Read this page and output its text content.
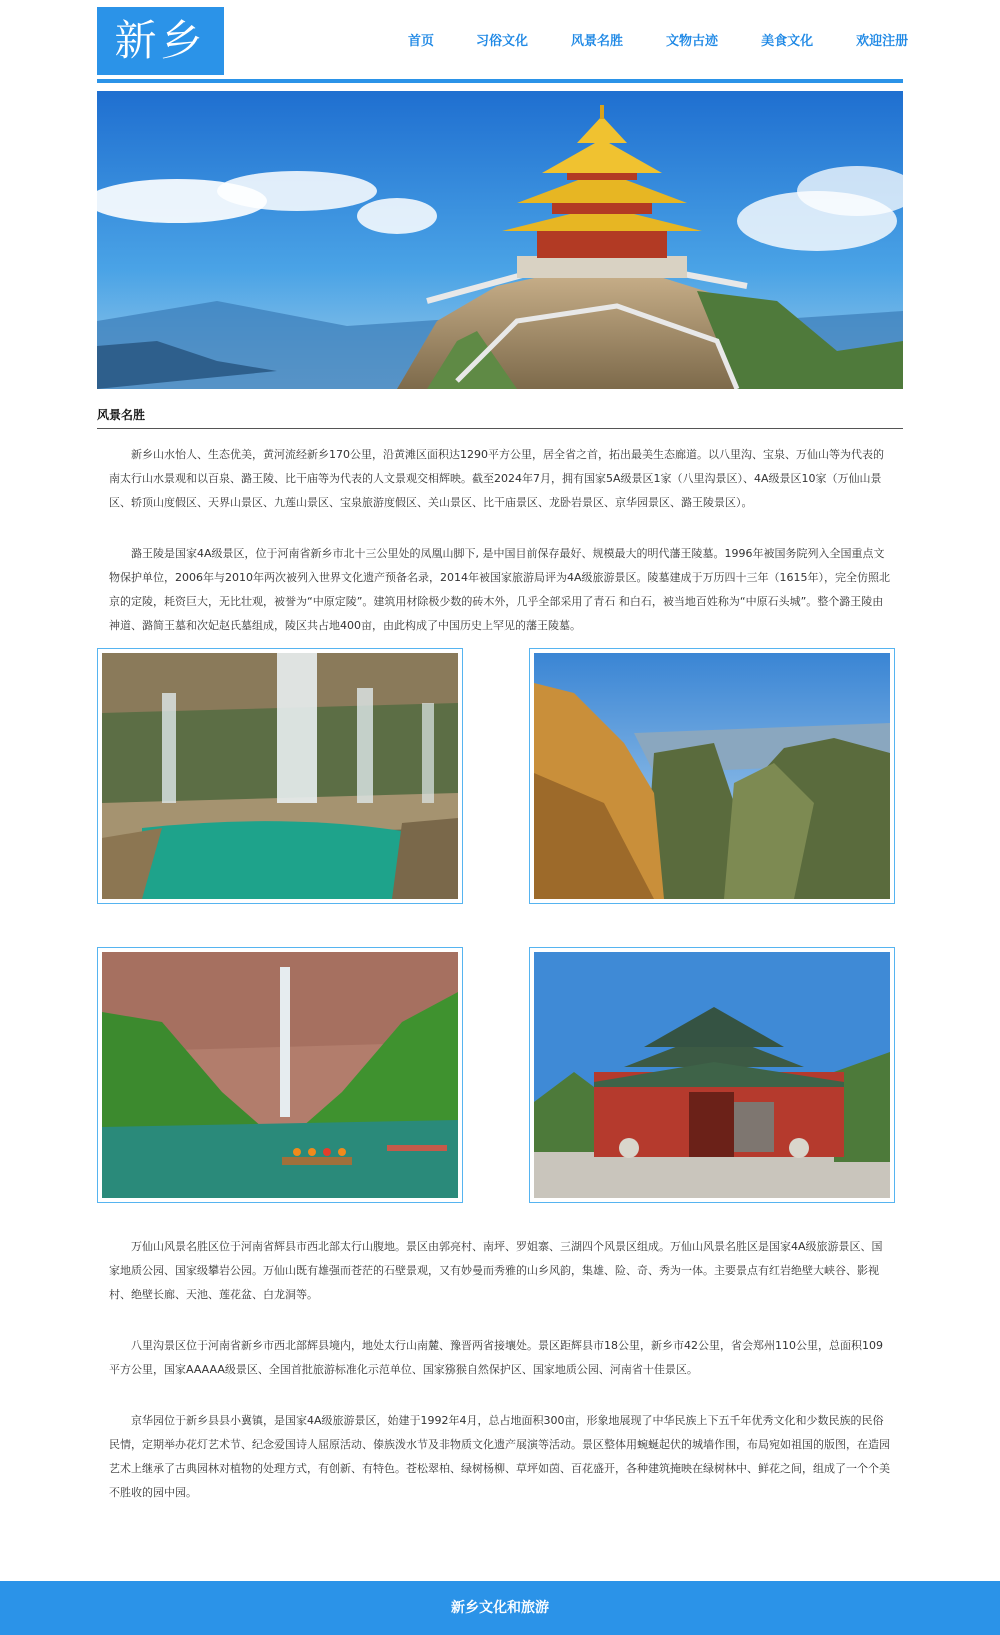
新乡	首页	习俗文化	风景名胜	文物古迹	美食文化	欢迎注册
风景名胜

新乡山水怡人、生态优美，黄河流经新乡170公里，沿黄滩区面积达1290平方公里，居全省之首，拓出最美生态廊道。以八里沟、宝泉、万仙山等为代表的南太行山水景观和以百泉、潞王陵、比干庙等为代表的人文景观交相辉映。截至2024年7月，拥有国家5A级景区1家（八里沟景区）、4A级景区10家（万仙山景区、轿顶山度假区、天界山景区、九莲山景区、宝泉旅游度假区、关山景区、比干庙景区、龙卧岩景区、京华园景区、潞王陵景区）。

潞王陵是国家4A级景区，位于河南省新乡市北十三公里处的凤凰山脚下, 是中国目前保存最好、规模最大的明代藩王陵墓。1996年被国务院列入全国重点文物保护单位，2006年与2010年两次被列入世界文化遗产预备名录，2014年被国家旅游局评为4A级旅游景区。陵墓建成于万历四十三年（1615年），完全仿照北京的定陵，耗资巨大，无比壮观，被誉为“中原定陵”。建筑用材除极少数的砖木外，几乎全部采用了青石 和白石，被当地百姓称为“中原石头城”。整个潞王陵由神道、潞简王墓和次妃赵氏墓组成，陵区共占地400亩，由此构成了中国历史上罕见的藩王陵墓。

万仙山风景名胜区位于河南省辉县市西北部太行山腹地。景区由郭亮村、南坪、罗姐寨、三湖四个风景区组成。万仙山风景名胜区是国家4A级旅游景区、国家地质公园、国家级攀岩公园。万仙山既有雄强而苍茫的石壁景观，又有妙曼而秀雅的山乡风韵，集雄、险、奇、秀为一体。主要景点有红岩绝壁大峡谷、影视村、绝壁长廊、天池、莲花盆、白龙洞等。

八里沟景区位于河南省新乡市西北部辉县境内，地处太行山南麓、豫晋两省接壤处。景区距辉县市18公里，新乡市42公里，省会郑州110公里，总面积109平方公里，国家AAAAA级景区、全国首批旅游标准化示范单位、国家猕猴自然保护区、国家地质公园、河南省十佳景区。

京华园位于新乡县县小冀镇，是国家4A级旅游景区，始建于1992年4月，总占地面积300亩，形象地展现了中华民族上下五千年优秀文化和少数民族的民俗民情，定期举办花灯艺术节、纪念爱国诗人屈原活动、傣族泼水节及非物质文化遗产展演等活动。景区整体用蜿蜒起伏的城墙作围，布局宛如祖国的版图，在造园艺术上继承了古典园林对植物的处理方式，有创新、有特色。苍松翠柏、绿树杨柳、草坪如茵、百花盛开，各种建筑掩映在绿树林中、鲜花之间，组成了一个个美不胜收的园中园。

新乡文化和旅游
